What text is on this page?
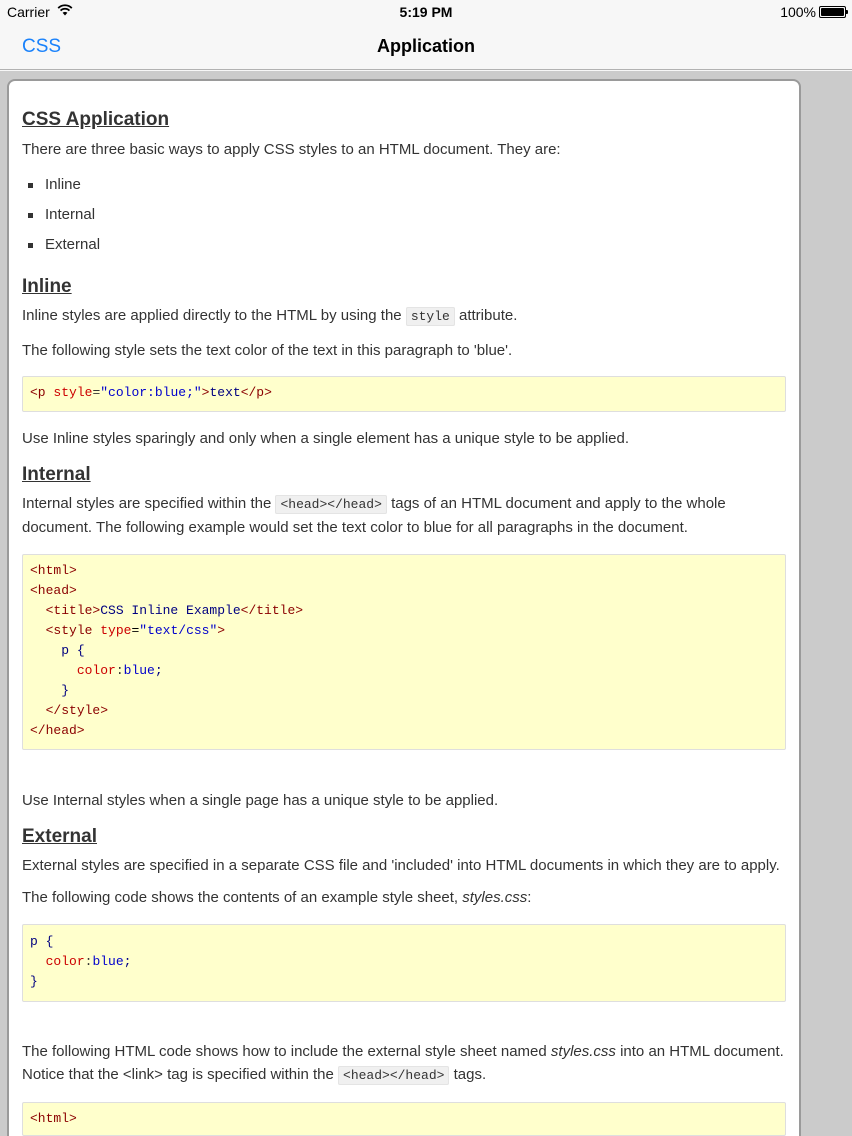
Carrier	5:19 PM	100%
CSS	Application
CSS Application

There are three basic ways to apply CSS styles to an HTML document. They are:

Inline
Internal
External
Inline

Inline styles are applied directly to the HTML by using the style attribute.

The following style sets the text color of the text in this paragraph to 'blue'.

<p style="color:blue;">text</p>

Use Inline styles sparingly and only when a single element has a unique style to be applied.

Internal

Internal styles are specified within the <head></head> tags of an HTML document and apply to the whole document. The following example would set the text color to blue for all paragraphs in the document.

<html>
<head>
<title>CSS Inline Example</title>
<style type="text/css">
p {
color:blue;
}
</style>
</head>

Use Internal styles when a single page has a unique style to be applied.

External

External styles are specified in a separate CSS file and 'included' into HTML documents in which they are to apply.

The following code shows the contents of an example style sheet, styles.css:

p {
color:blue;
}

The following HTML code shows how to include the external style sheet named styles.css into an HTML document. Notice that the <link> tag is specified within the <head></head> tags.

<html>
